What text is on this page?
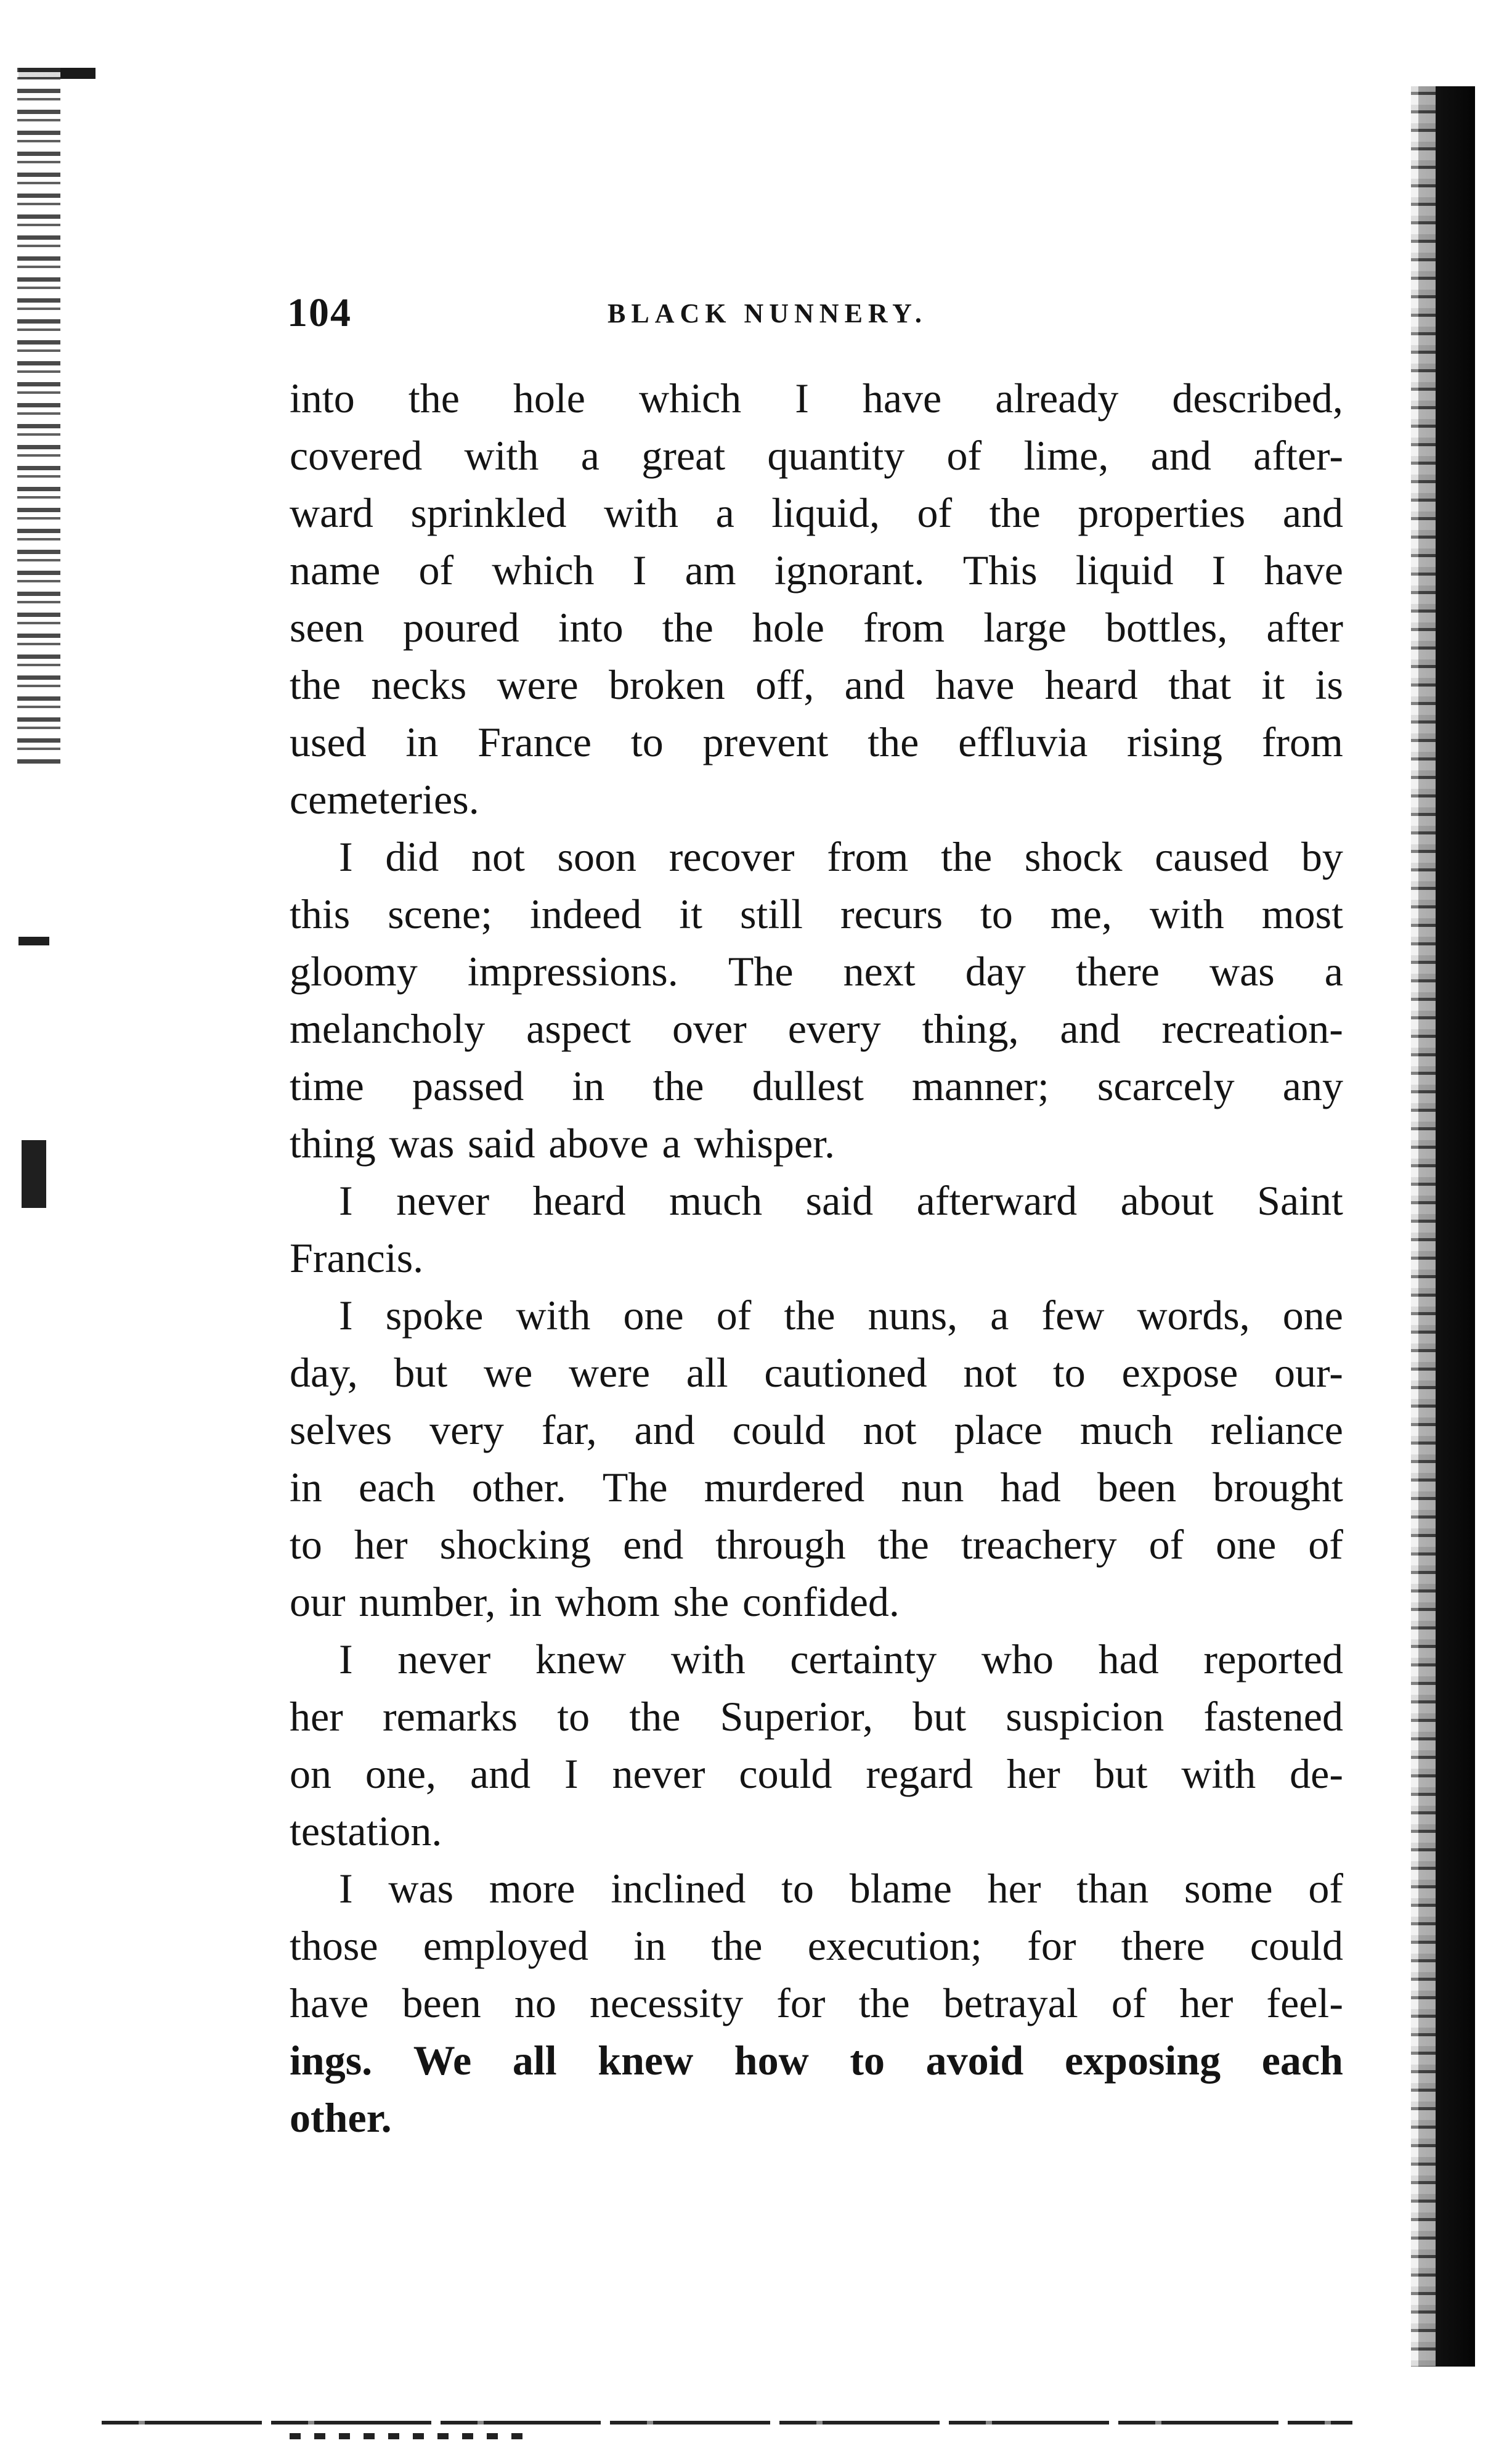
104	BLACK NUNNERY.
into the hole which I have already described,
covered with a great quantity of lime, and after-
ward sprinkled with a liquid, of the properties and
name of which I am ignorant. This liquid I have
seen poured into the hole from large bottles, after
the necks were broken off, and have heard that it is
used in France to prevent the effluvia rising from
cemeteries.
I did not soon recover from the shock caused by
this scene; indeed it still recurs to me, with most
gloomy impressions. The next day there was a
melancholy aspect over every thing, and recreation-
time passed in the dullest manner; scarcely any
thing was said above a whisper.
I never heard much said afterward about Saint
Francis.
I spoke with one of the nuns, a few words, one
day, but we were all cautioned not to expose our-
selves very far, and could not place much reliance
in each other. The murdered nun had been brought
to her shocking end through the treachery of one of
our number, in whom she confided.
I never knew with certainty who had reported
her remarks to the Superior, but suspicion fastened
on one, and I never could regard her but with de-
testation.
I was more inclined to blame her than some of
those employed in the execution; for there could
have been no necessity for the betrayal of her feel-
ings. We all knew how to avoid exposing each
other.
